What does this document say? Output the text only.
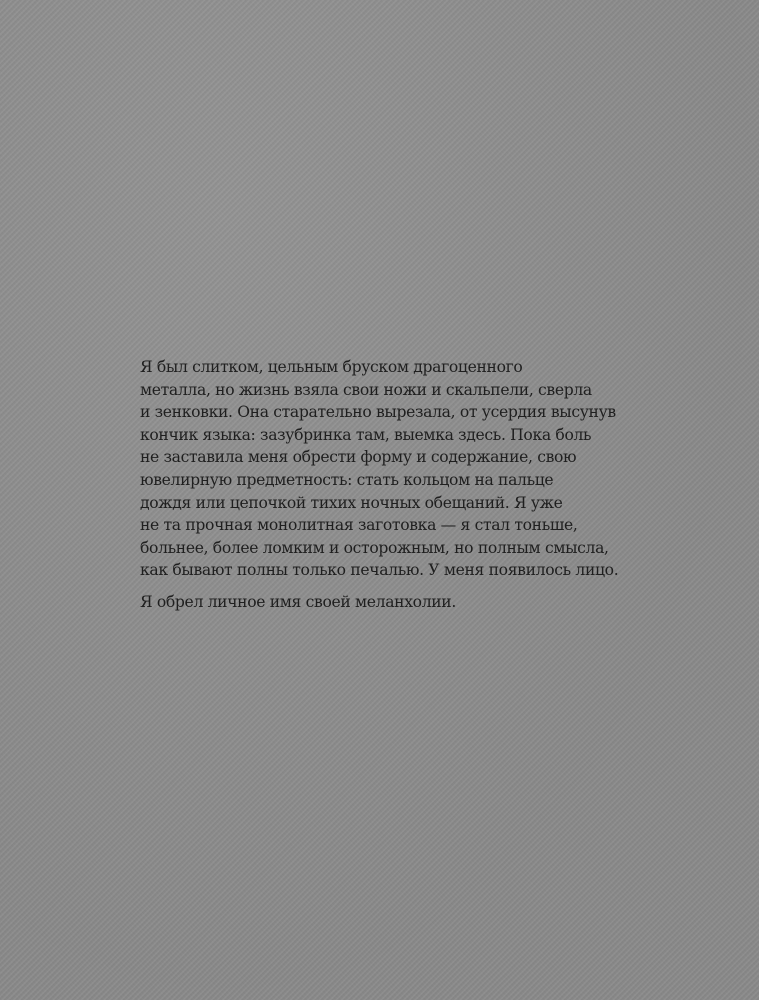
Я был слитком, цельным бруском драгоценного
металла, но жизнь взяла свои ножи и скальпели, сверла
и зенковки. Она старательно вырезала, от усердия высунув
кончик языка: зазубринка там, выемка здесь. Пока боль
не заставила меня обрести форму и содержание, свою
ювелирную предметность: стать кольцом на пальце
дождя или цепочкой тихих ночных обещаний. Я уже
не та прочная монолитная заготовка — я стал тоньше,
больнее, более ломким и осторожным, но полным смысла,
как бывают полны только печалью. У меня появилось лицо.

Я обрел личное имя своей меланхолии.
